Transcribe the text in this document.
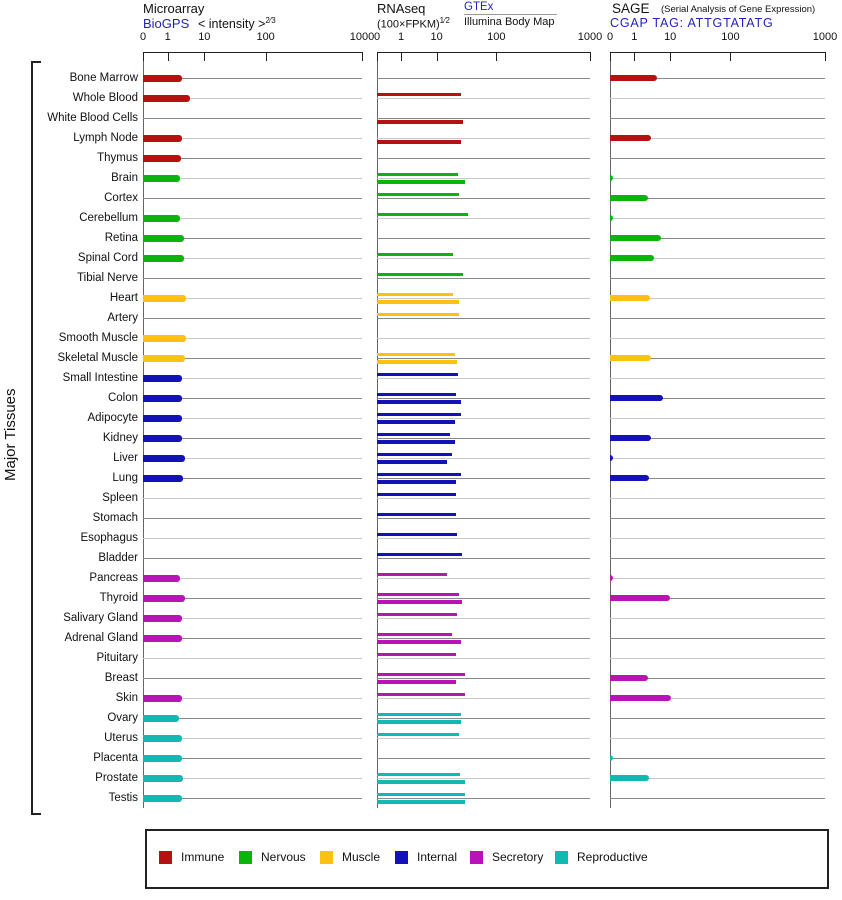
Microarray
BioGPS < intensity >$^{2⁄3}$
RNAseq
(100×FPKM)$^{1⁄2}$
GTEx
Illumina Body Map
SAGE (Serial Analysis of Gene Expression)
CGAP TAG: ATTGTATATG
Major Tissues
0 1 10	100	1000 0 1 10	100	1000 0 1 10	100	1000
Bone Marrow
Whole Blood
White Blood Cells
Lymph Node
Thymus
Brain
Cortex
Cerebellum
Retina
Spinal Cord
Tibial Nerve
Heart
Artery
Smooth Muscle
Skeletal Muscle
Small Intestine
Colon
Adipocyte
Kidney
Liver
Lung
Spleen
Stomach
Esophagus
Bladder
Pancreas
Thyroid
Salivary Gland
Adrenal Gland
Pituitary
Breast
Skin
Ovary
Uterus
Placenta
Prostate
Testis
Immune	Nervous	Muscle	Internal	Secretory	Reproductive
